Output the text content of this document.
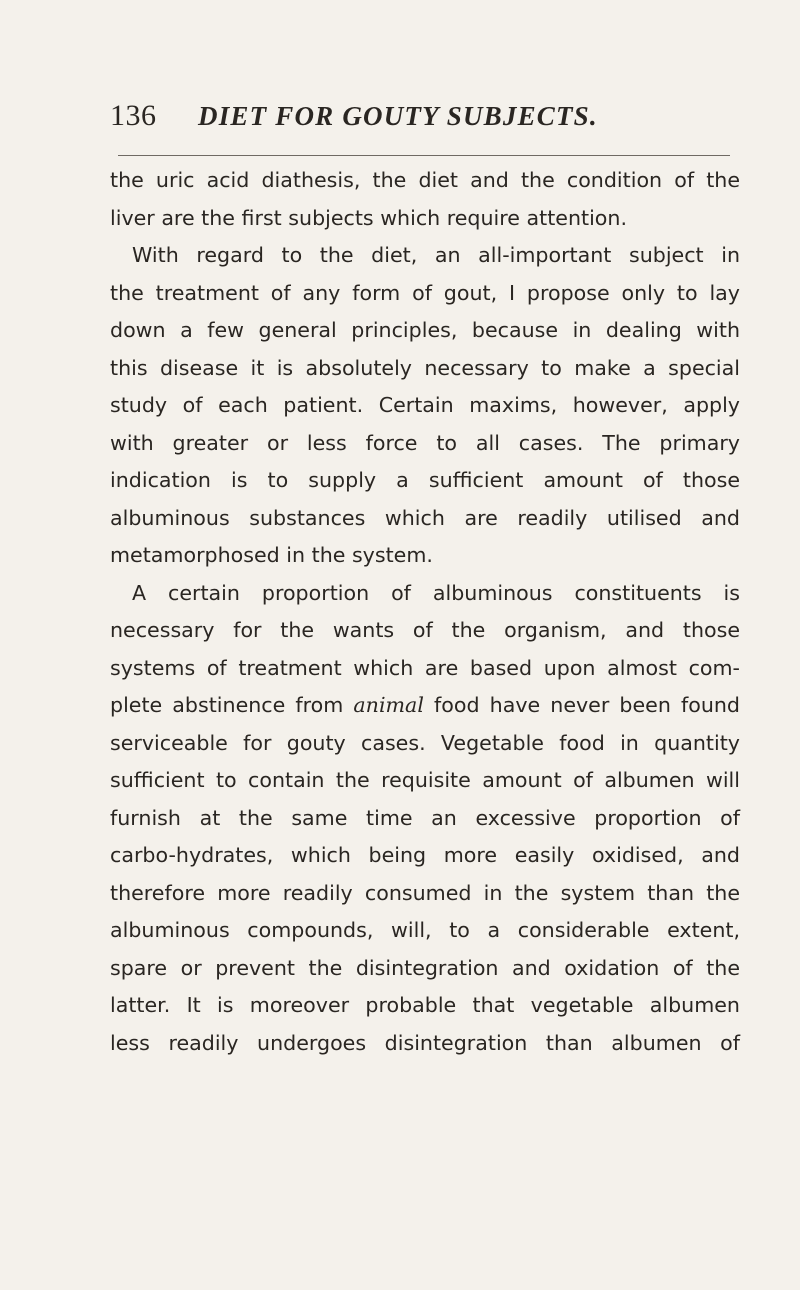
136 DIET FOR GOUTY SUBJECTS.
the uric acid diathesis, the diet and the condition of the
liver are the first subjects which require attention.
With regard to the diet, an all-important subject in
the treatment of any form of gout, I propose only to lay
down a few general principles, because in dealing with
this disease it is absolutely necessary to make a special
study of each patient. Certain maxims, however, apply
with greater or less force to all cases. The primary
indication is to supply a sufficient amount of those
albuminous substances which are readily utilised and
metamorphosed in the system.
A certain proportion of albuminous constituents is
necessary for the wants of the organism, and those
systems of treatment which are based upon almost com-
plete abstinence from animal food have never been found
serviceable for gouty cases. Vegetable food in quantity
sufficient to contain the requisite amount of albumen will
furnish at the same time an excessive proportion of
carbo-hydrates, which being more easily oxidised, and
therefore more readily consumed in the system than the
albuminous compounds, will, to a considerable extent,
spare or prevent the disintegration and oxidation of the
latter. It is moreover probable that vegetable albumen
less readily undergoes disintegration than albumen of
